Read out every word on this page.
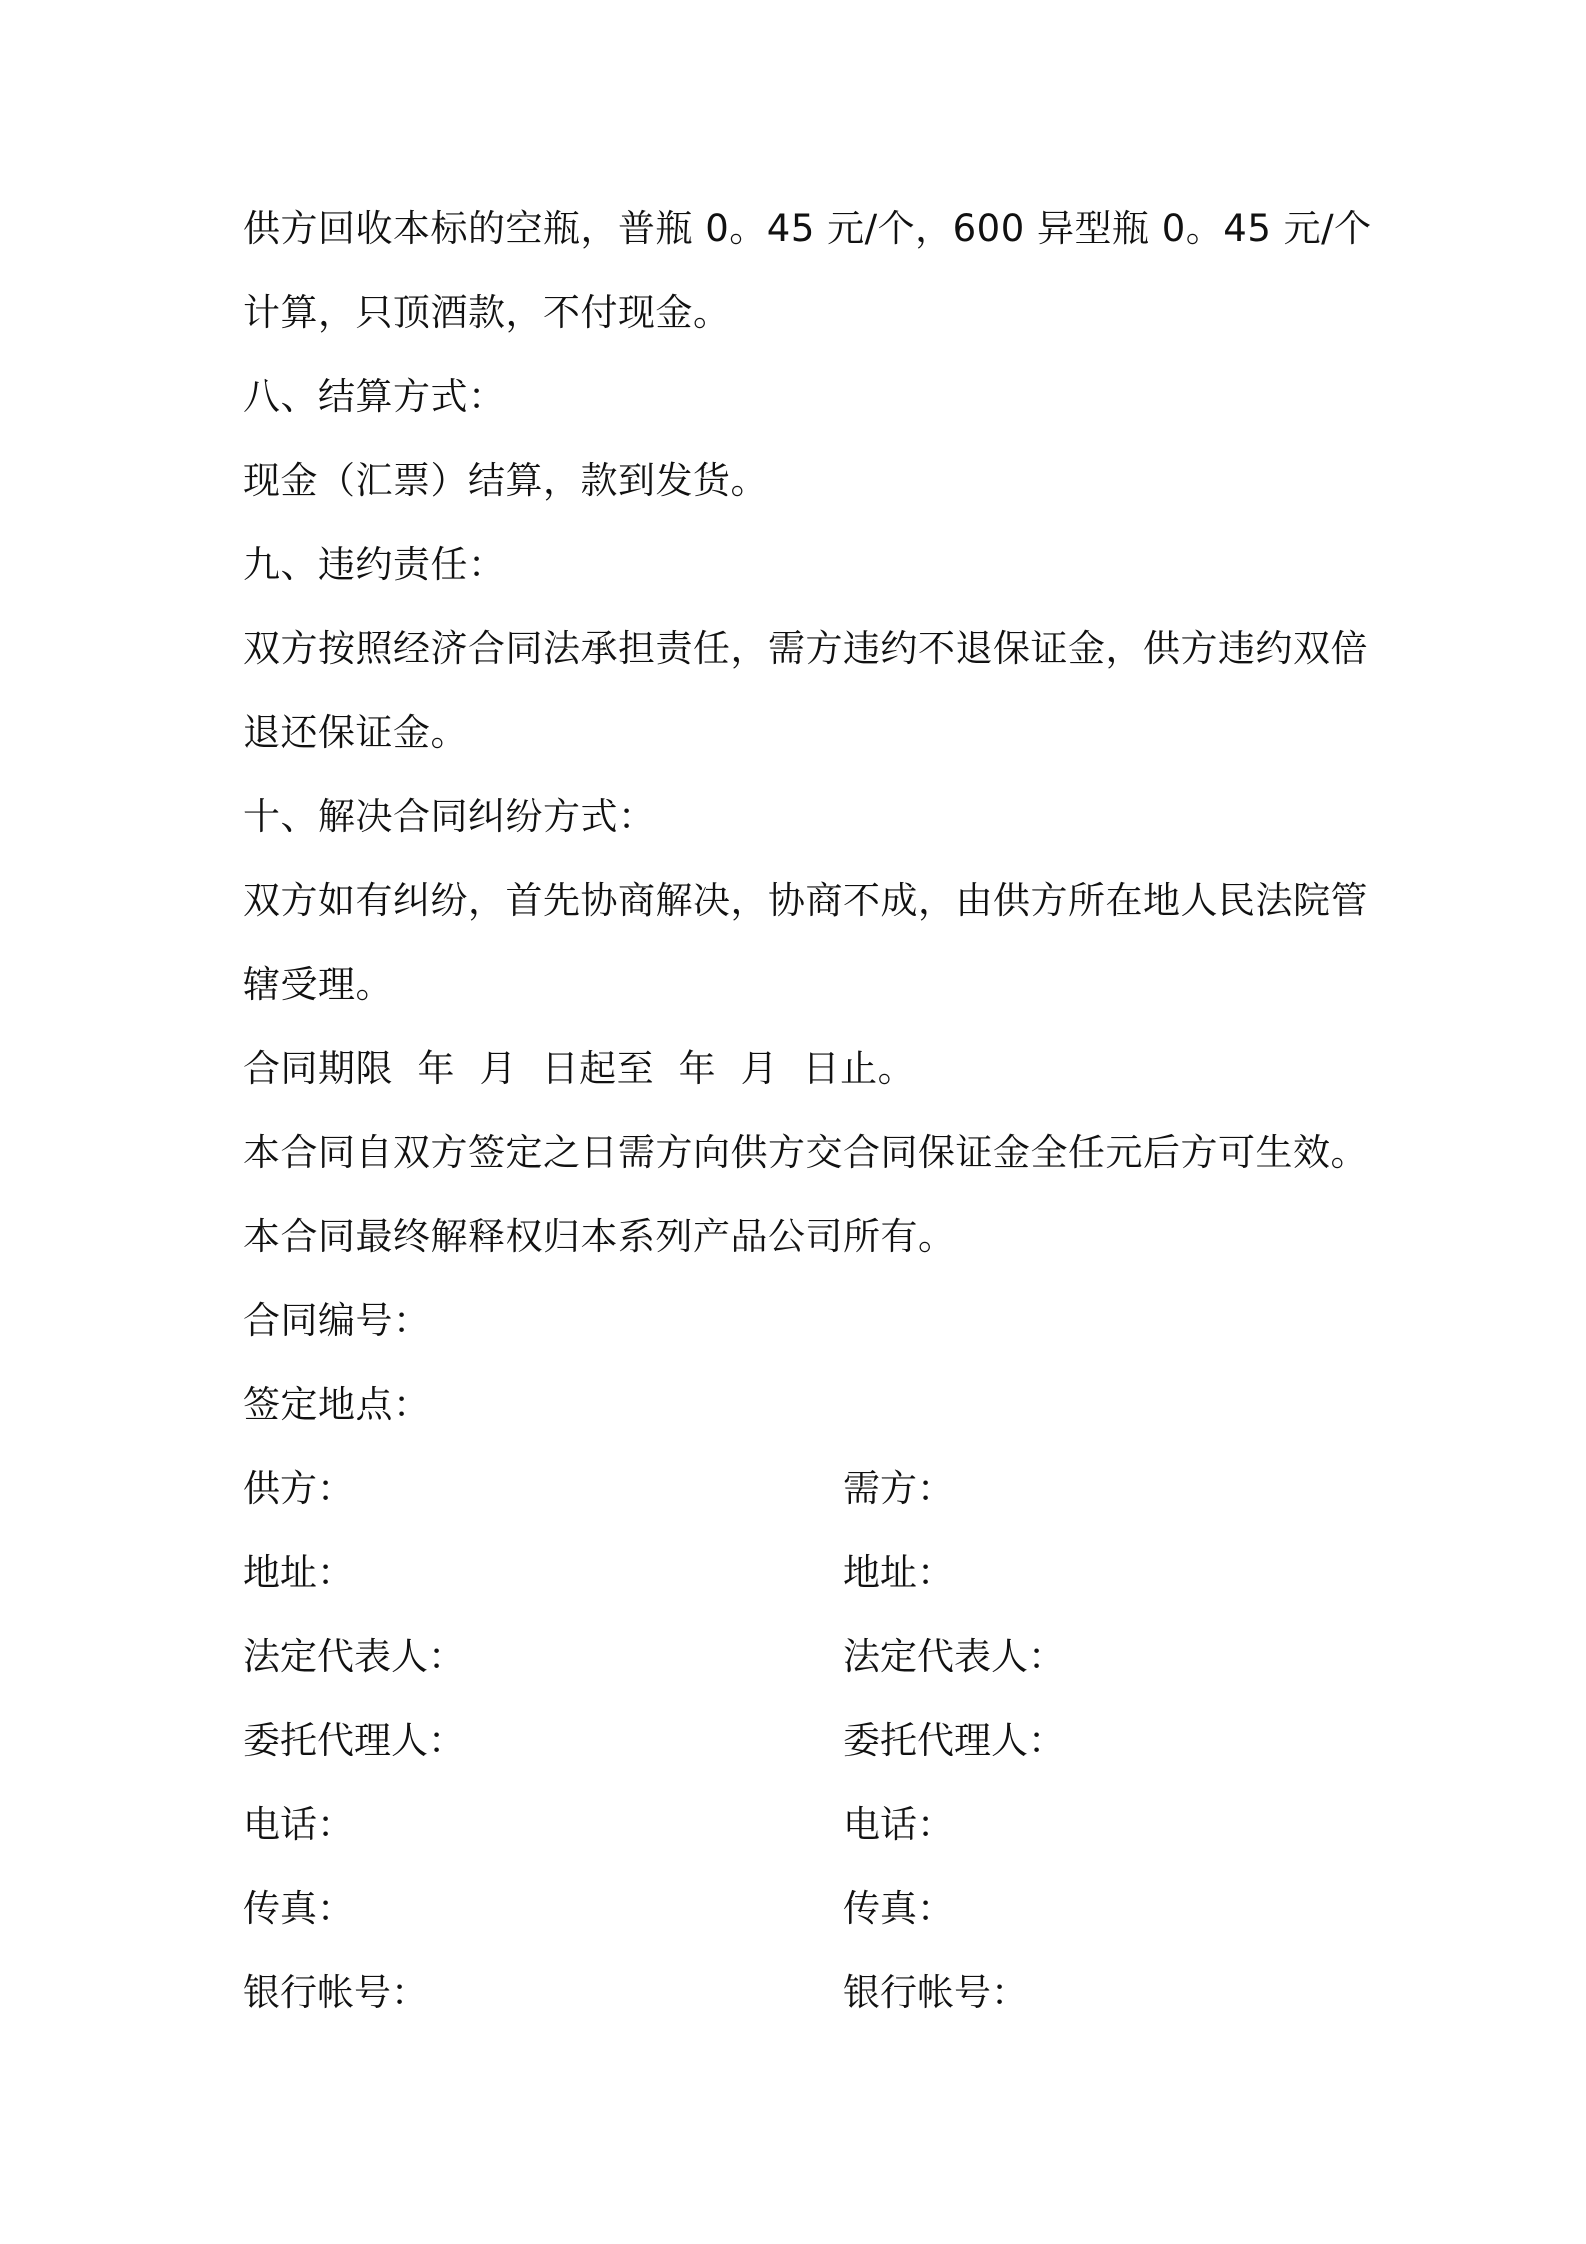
供方回收本标的空瓶，普瓶 0。45 元/个，600 异型瓶 0。45 元/个
计算，只顶酒款，不付现金。
八、结算方式：
现金（汇票）结算，款到发货。
九、违约责任：
双方按照经济合同法承担责任，需方违约不退保证金，供方违约双倍
退还保证金。
十、解决合同纠纷方式：
双方如有纠纷，首先协商解决，协商不成，由供方所在地人民法院管
辖受理。
合同期限  年  月  日起至  年  月  日止。
本合同自双方签定之日需方向供方交合同保证金全任元后方可生效。
本合同最终解释权归本系列产品公司所有。
合同编号：
签定地点：
供方：	需方：
地址：	地址：
法定代表人：	法定代表人：
委托代理人：	委托代理人：
电话：	电话：
传真：	传真：
银行帐号：	银行帐号：
